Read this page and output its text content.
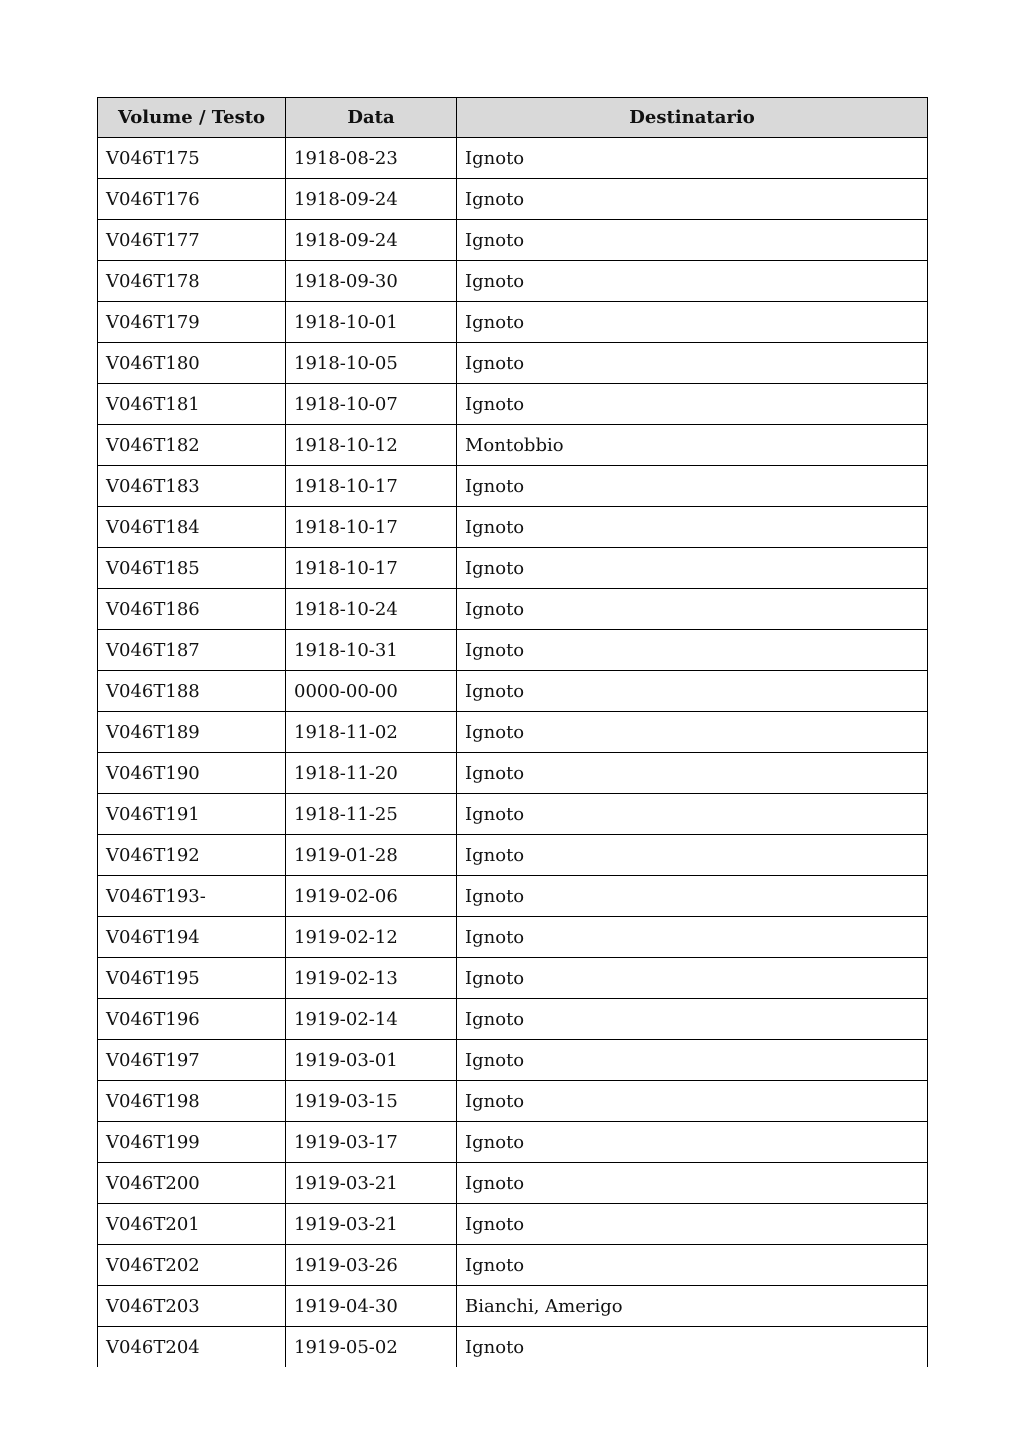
Volume / Testo	Data	Destinatario
V046T175	1918-08-23	Ignoto
V046T176	1918-09-24	Ignoto
V046T177	1918-09-24	Ignoto
V046T178	1918-09-30	Ignoto
V046T179	1918-10-01	Ignoto
V046T180	1918-10-05	Ignoto
V046T181	1918-10-07	Ignoto
V046T182	1918-10-12	Montobbio
V046T183	1918-10-17	Ignoto
V046T184	1918-10-17	Ignoto
V046T185	1918-10-17	Ignoto
V046T186	1918-10-24	Ignoto
V046T187	1918-10-31	Ignoto
V046T188	0000-00-00	Ignoto
V046T189	1918-11-02	Ignoto
V046T190	1918-11-20	Ignoto
V046T191	1918-11-25	Ignoto
V046T192	1919-01-28	Ignoto
V046T193-	1919-02-06	Ignoto
V046T194	1919-02-12	Ignoto
V046T195	1919-02-13	Ignoto
V046T196	1919-02-14	Ignoto
V046T197	1919-03-01	Ignoto
V046T198	1919-03-15	Ignoto
V046T199	1919-03-17	Ignoto
V046T200	1919-03-21	Ignoto
V046T201	1919-03-21	Ignoto
V046T202	1919-03-26	Ignoto
V046T203	1919-04-30	Bianchi, Amerigo
V046T204	1919-05-02	Ignoto
